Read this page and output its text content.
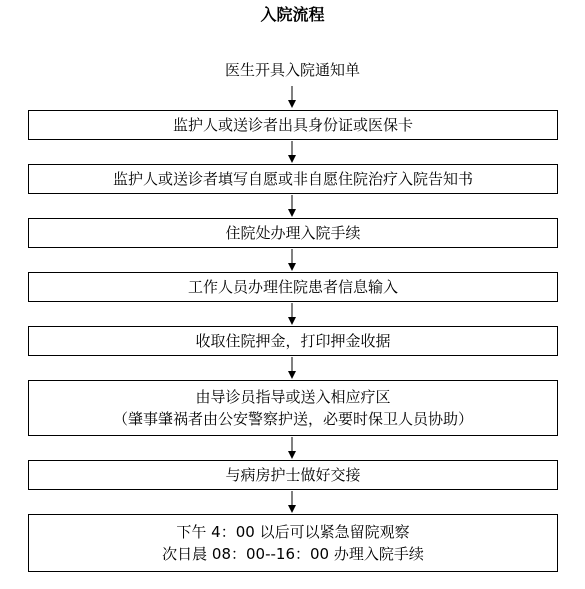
入院流程
医生开具入院通知单
监护人或送诊者出具身份证或医保卡
监护人或送诊者填写自愿或非自愿住院治疗入院告知书
住院处办理入院手续
工作人员办理住院患者信息输入
收取住院押金，打印押金收据
由导诊员指导或送入相应疗区
（肇事肇祸者由公安警察护送，必要时保卫人员协助）
与病房护士做好交接
下午 4：00 以后可以紧急留院观察
次日晨 08：00--16：00 办理入院手续
